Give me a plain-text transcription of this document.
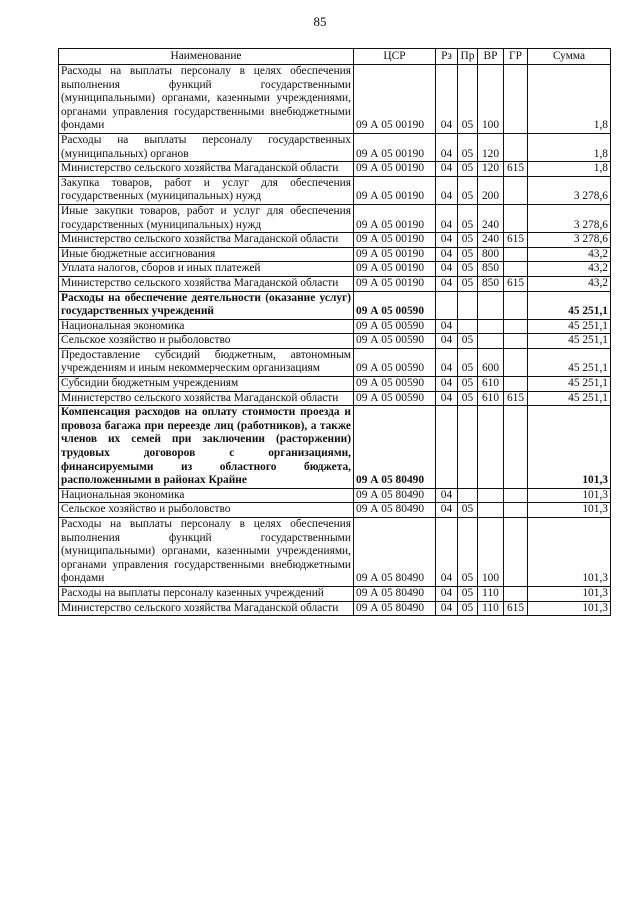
85
Наименование	ЦСР	Рз	Пр	ВР	ГР	Сумма
Расходы на выплаты персоналу в целях обеспечения выполнения функций государственными (муниципальными) органами, казенными учреждениями, органами управления государственными внебюджетными фондами	09 А 05 00190	04	05	100		1,8
Расходы на выплаты персоналу государственных (муниципальных) органов	09 А 05 00190	04	05	120		1,8
Министерство сельского хозяйства Магаданской области	09 А 05 00190	04	05	120	615	1,8
Закупка товаров, работ и услуг для обеспечения государственных (муниципальных) нужд	09 А 05 00190	04	05	200		3 278,6
Иные закупки товаров, работ и услуг для обеспечения государственных (муниципальных) нужд	09 А 05 00190	04	05	240		3 278,6
Министерство сельского хозяйства Магаданской области	09 А 05 00190	04	05	240	615	3 278,6
Иные бюджетные ассигнования	09 А 05 00190	04	05	800		43,2
Уплата налогов, сборов и иных платежей	09 А 05 00190	04	05	850		43,2
Министерство сельского хозяйства Магаданской области	09 А 05 00190	04	05	850	615	43,2
Расходы на обеспечение деятельности (оказание услуг) государственных учреждений	09 А 05 00590					45 251,1
Национальная экономика	09 А 05 00590	04				45 251,1
Сельское хозяйство и рыболовство	09 А 05 00590	04	05			45 251,1
Предоставление субсидий бюджетным, автономным учреждениям и иным некоммерческим организациям	09 А 05 00590	04	05	600		45 251,1
Субсидии бюджетным учреждениям	09 А 05 00590	04	05	610		45 251,1
Министерство сельского хозяйства Магаданской области	09 А 05 00590	04	05	610	615	45 251,1
Компенсация расходов на оплату стоимости проезда и провоза багажа при переезде лиц (работников), а также членов их семей при заключении (расторжении) трудовых договоров с организациями, финансируемыми из областного бюджета, расположенными в районах Крайне	09 А 05 80490					101,3
Национальная экономика	09 А 05 80490	04				101,3
Сельское хозяйство и рыболовство	09 А 05 80490	04	05			101,3
Расходы на выплаты персоналу в целях обеспечения выполнения функций государственными (муниципальными) органами, казенными учреждениями, органами управления государственными внебюджетными фондами	09 А 05 80490	04	05	100		101,3
Расходы на выплаты персоналу казенных учреждений	09 А 05 80490	04	05	110		101,3
Министерство сельского хозяйства Магаданской области	09 А 05 80490	04	05	110	615	101,3
